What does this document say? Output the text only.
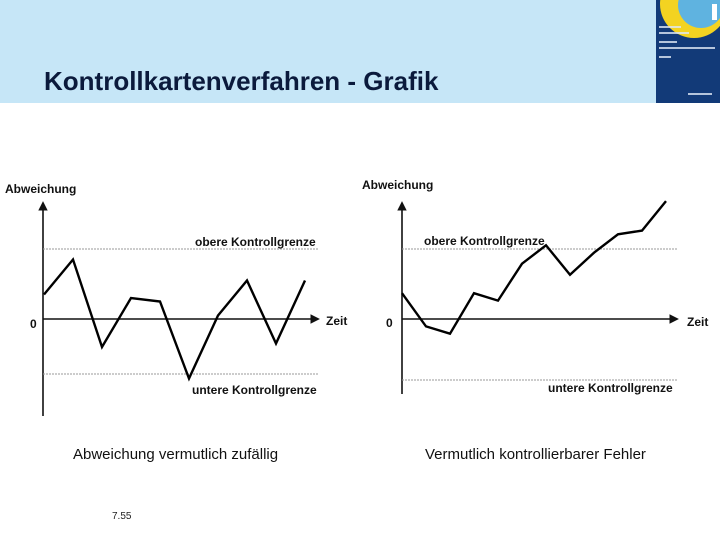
Kontrollkartenverfahren - Grafik
Abweichung
0	Zeit
obere Kontrollgrenze
untere Kontrollgrenze
Abweichung
0	Zeit
obere Kontrollgrenze
untere Kontrollgrenze
Abweichung vermutlich zufällig	Vermutlich kontrollierbarer Fehler
7.55
